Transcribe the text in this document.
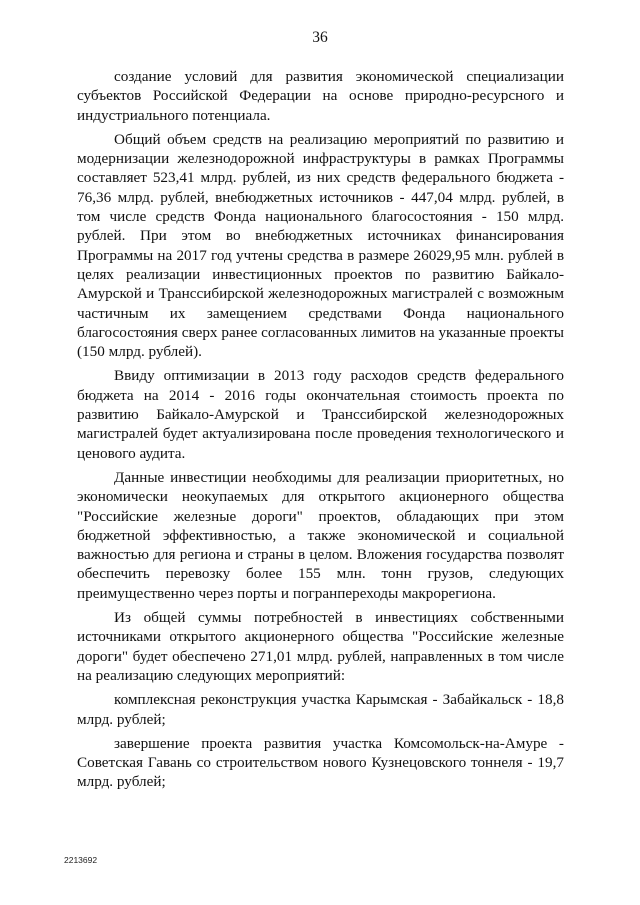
36

создание условий для развития экономической специализации субъектов Российской Федерации на основе природно-ресурсного и индустриального потенциала.

Общий объем средств на реализацию мероприятий по развитию и модернизации железнодорожной инфраструктуры в рамках Программы составляет 523,41 млрд. рублей, из них средств федерального бюджета - 76,36 млрд. рублей, внебюджетных источников - 447,04 млрд. рублей, в том числе средств Фонда национального благосостояния - 150 млрд. рублей. При этом во внебюджетных источниках финансирования Программы на 2017 год учтены средства в размере 26029,95 млн. рублей в целях реализации инвестиционных проектов по развитию Байкало-Амурской и Транссибирской железнодорожных магистралей с возможным частичным их замещением средствами Фонда национального благосостояния сверх ранее согласованных лимитов на указанные проекты (150 млрд. рублей).

Ввиду оптимизации в 2013 году расходов средств федерального бюджета на 2014 - 2016 годы окончательная стоимость проекта по развитию Байкало-Амурской и Транссибирской железнодорожных магистралей будет актуализирована после проведения технологического и ценового аудита.

Данные инвестиции необходимы для реализации приоритетных, но экономически неокупаемых для открытого акционерного общества "Российские железные дороги" проектов, обладающих при этом бюджетной эффективностью, а также экономической и социальной важностью для региона и страны в целом. Вложения государства позволят обеспечить перевозку более 155 млн. тонн грузов, следующих преимущественно через порты и погранпереходы макрорегиона.

Из общей суммы потребностей в инвестициях собственными источниками открытого акционерного общества "Российские железные дороги" будет обеспечено 271,01 млрд. рублей, направленных в том числе на реализацию следующих мероприятий:

комплексная реконструкция участка Карымская - Забайкальск - 18,8 млрд. рублей;

завершение проекта развития участка Комсомольск-на-Амуре - Советская Гавань со строительством нового Кузнецовского тоннеля - 19,7 млрд. рублей;

2213692
